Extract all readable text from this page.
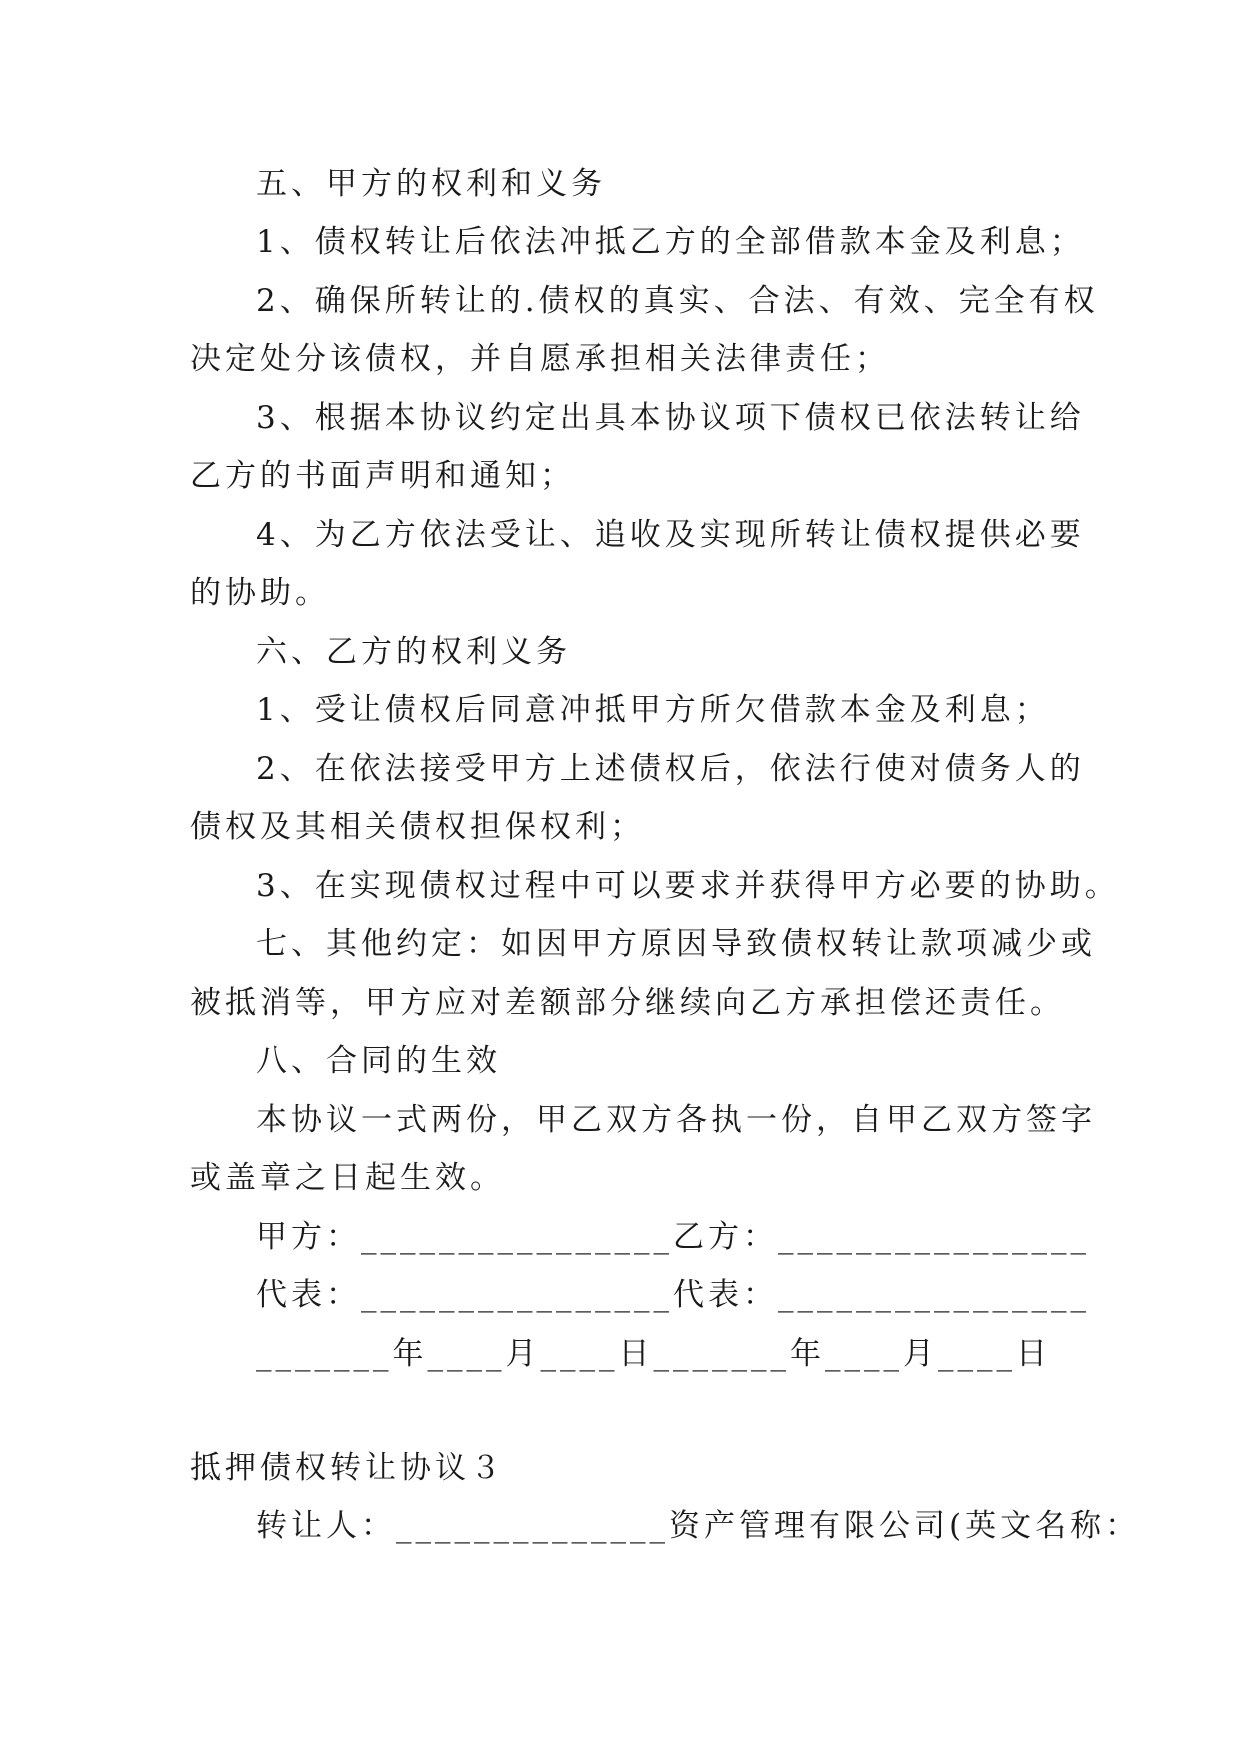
五、甲方的权利和义务
1、债权转让后依法冲抵乙方的全部借款本金及利息；
2、确保所转让的.债权的真实、合法、有效、完全有权
决定处分该债权，并自愿承担相关法律责任；
3、根据本协议约定出具本协议项下债权已依法转让给
乙方的书面声明和通知；
4、为乙方依法受让、追收及实现所转让债权提供必要
的协助。
六、乙方的权利义务
1、受让债权后同意冲抵甲方所欠借款本金及利息；
2、在依法接受甲方上述债权后，依法行使对债务人的
债权及其相关债权担保权利；
3、在实现债权过程中可以要求并获得甲方必要的协助。
七、其他约定：如因甲方原因导致债权转让款项减少或
被抵消等，甲方应对差额部分继续向乙方承担偿还责任。
八、合同的生效
本协议一式两份，甲乙双方各执一份，自甲乙双方签字
或盖章之日起生效。
甲方：________________乙方：________________
代表：________________代表：________________
_______年____月____日_______年____月____日
抵押债权转让协议３
转让人：______________资产管理有限公司(英文名称：
